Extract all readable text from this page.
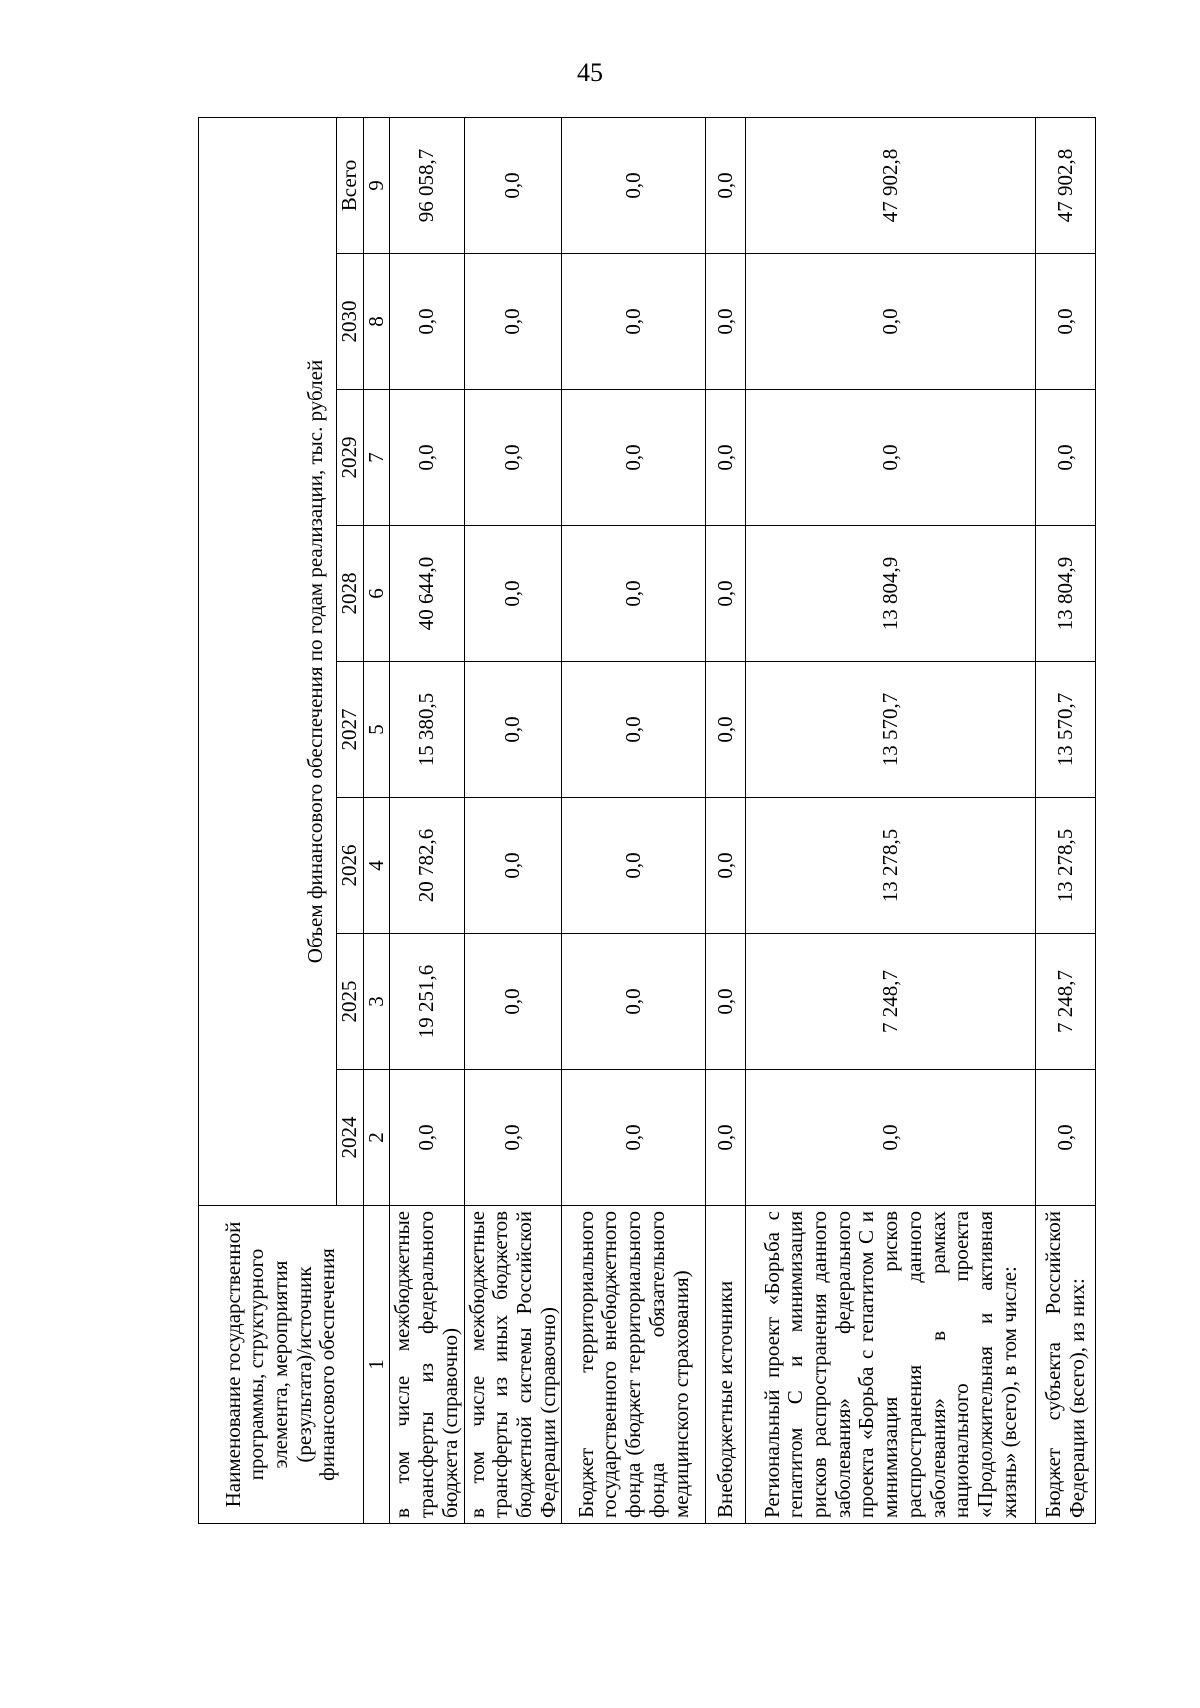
45
Наименование государственной программы, структурного элемента, мероприятия (результата)/источник финансового обеспечения	Объем финансового обеспечения по годам реализации, тыс. рублей							
	2024	2025	2026	2027	2028	2029	2030	Всего
1	2	3	4	5	6	7	8	9
в том числе межбюджетные трансферты из федерального бюджета (справочно)	0,0	19 251,6	20 782,6	15 380,5	40 644,0	0,0	0,0	96 058,7
в том числе межбюджетные трансферты из иных бюджетов бюджетной системы Российской Федерации (справочно)	0,0	0,0	0,0	0,0	0,0	0,0	0,0	0,0
Бюджет территориального государственного внебюджетного фонда (бюджет территориального фонда обязательного медицинского страхования)	0,0	0,0	0,0	0,0	0,0	0,0	0,0	0,0
Внебюджетные источники	0,0	0,0	0,0	0,0	0,0	0,0	0,0	0,0
Региональный проект «Борьба с гепатитом С и минимизация рисков распространения данного заболевания» федерального проекта «Борьба с гепатитом С и минимизация рисков распространения данного заболевания» в рамках национального проекта «Продолжительная и активная жизнь» (всего), в том числе:	0,0	7 248,7	13 278,5	13 570,7	13 804,9	0,0	0,0	47 902,8
Бюджет субъекта Российской Федерации (всего), из них:	0,0	7 248,7	13 278,5	13 570,7	13 804,9	0,0	0,0	47 902,8
